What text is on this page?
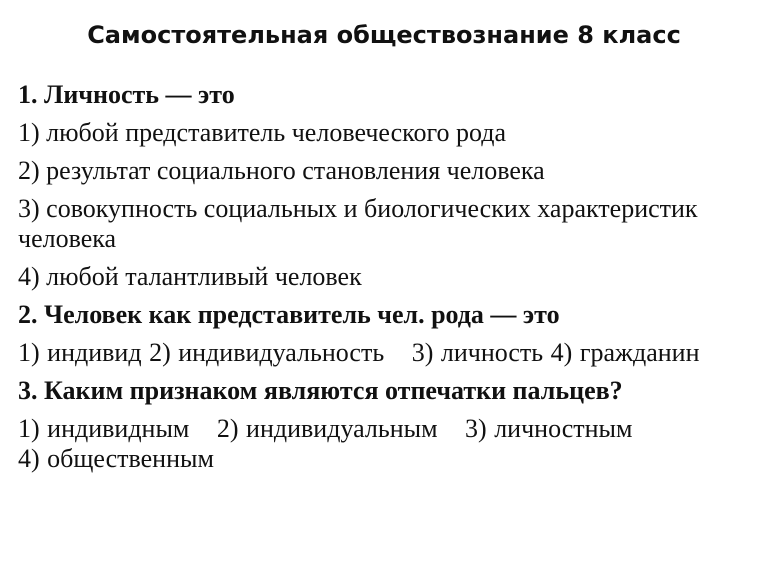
Самостоятельная обществознание 8 класс
1. Личность — это
1) любой представитель человеческого рода
2) результат социального становления человека
3) совокупность социальных и биологических характеристик человека
4) любой талантливый человек
2. Человек как представитель чел. рода — это
1) индивид 2) индивидуальность 3) личность 4) гражданин
3. Каким признаком являются отпечатки пальцев?
1) индивидным 2) индивидуальным 3) личностным 4) общественным
